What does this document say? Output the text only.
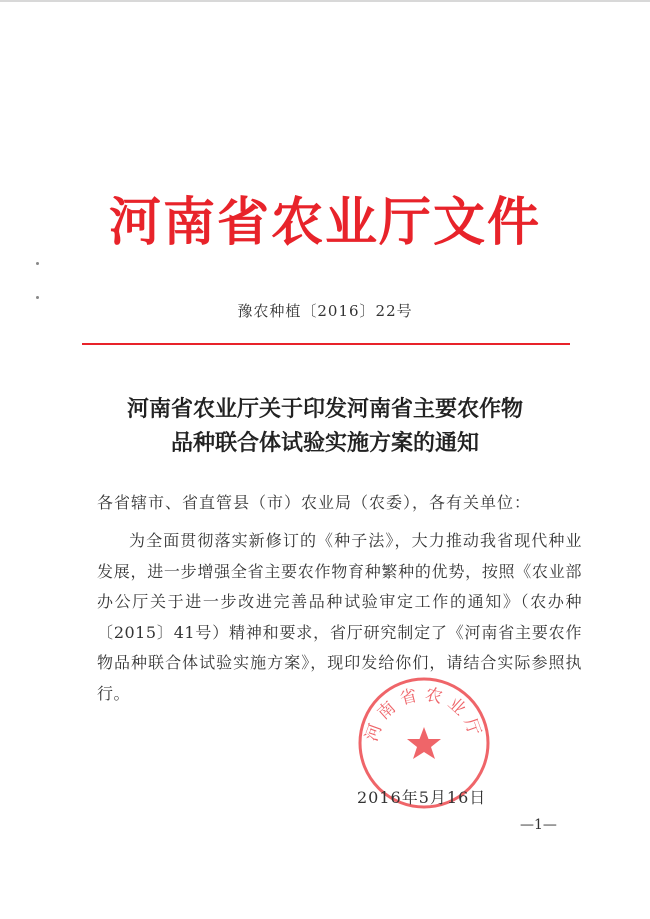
河南省农业厅文件
豫农种植〔2016〕22号
河南省农业厅关于印发河南省主要农作物
品种联合体试验实施方案的通知
各省辖市、省直管县（市）农业局（农委），各有关单位：
为全面贯彻落实新修订的《种子法》，大力推动我省现代种业发展，进一步增强全省主要农作物育种繁种的优势，按照《农业部办公厅关于进一步改进完善品种试验审定工作的通知》（农办种〔2015〕41号）精神和要求，省厅研究制定了《河南省主要农作物品种联合体试验实施方案》，现印发给你们，请结合实际参照执行。
河南省农业厅
2016年5月16日
—1—
